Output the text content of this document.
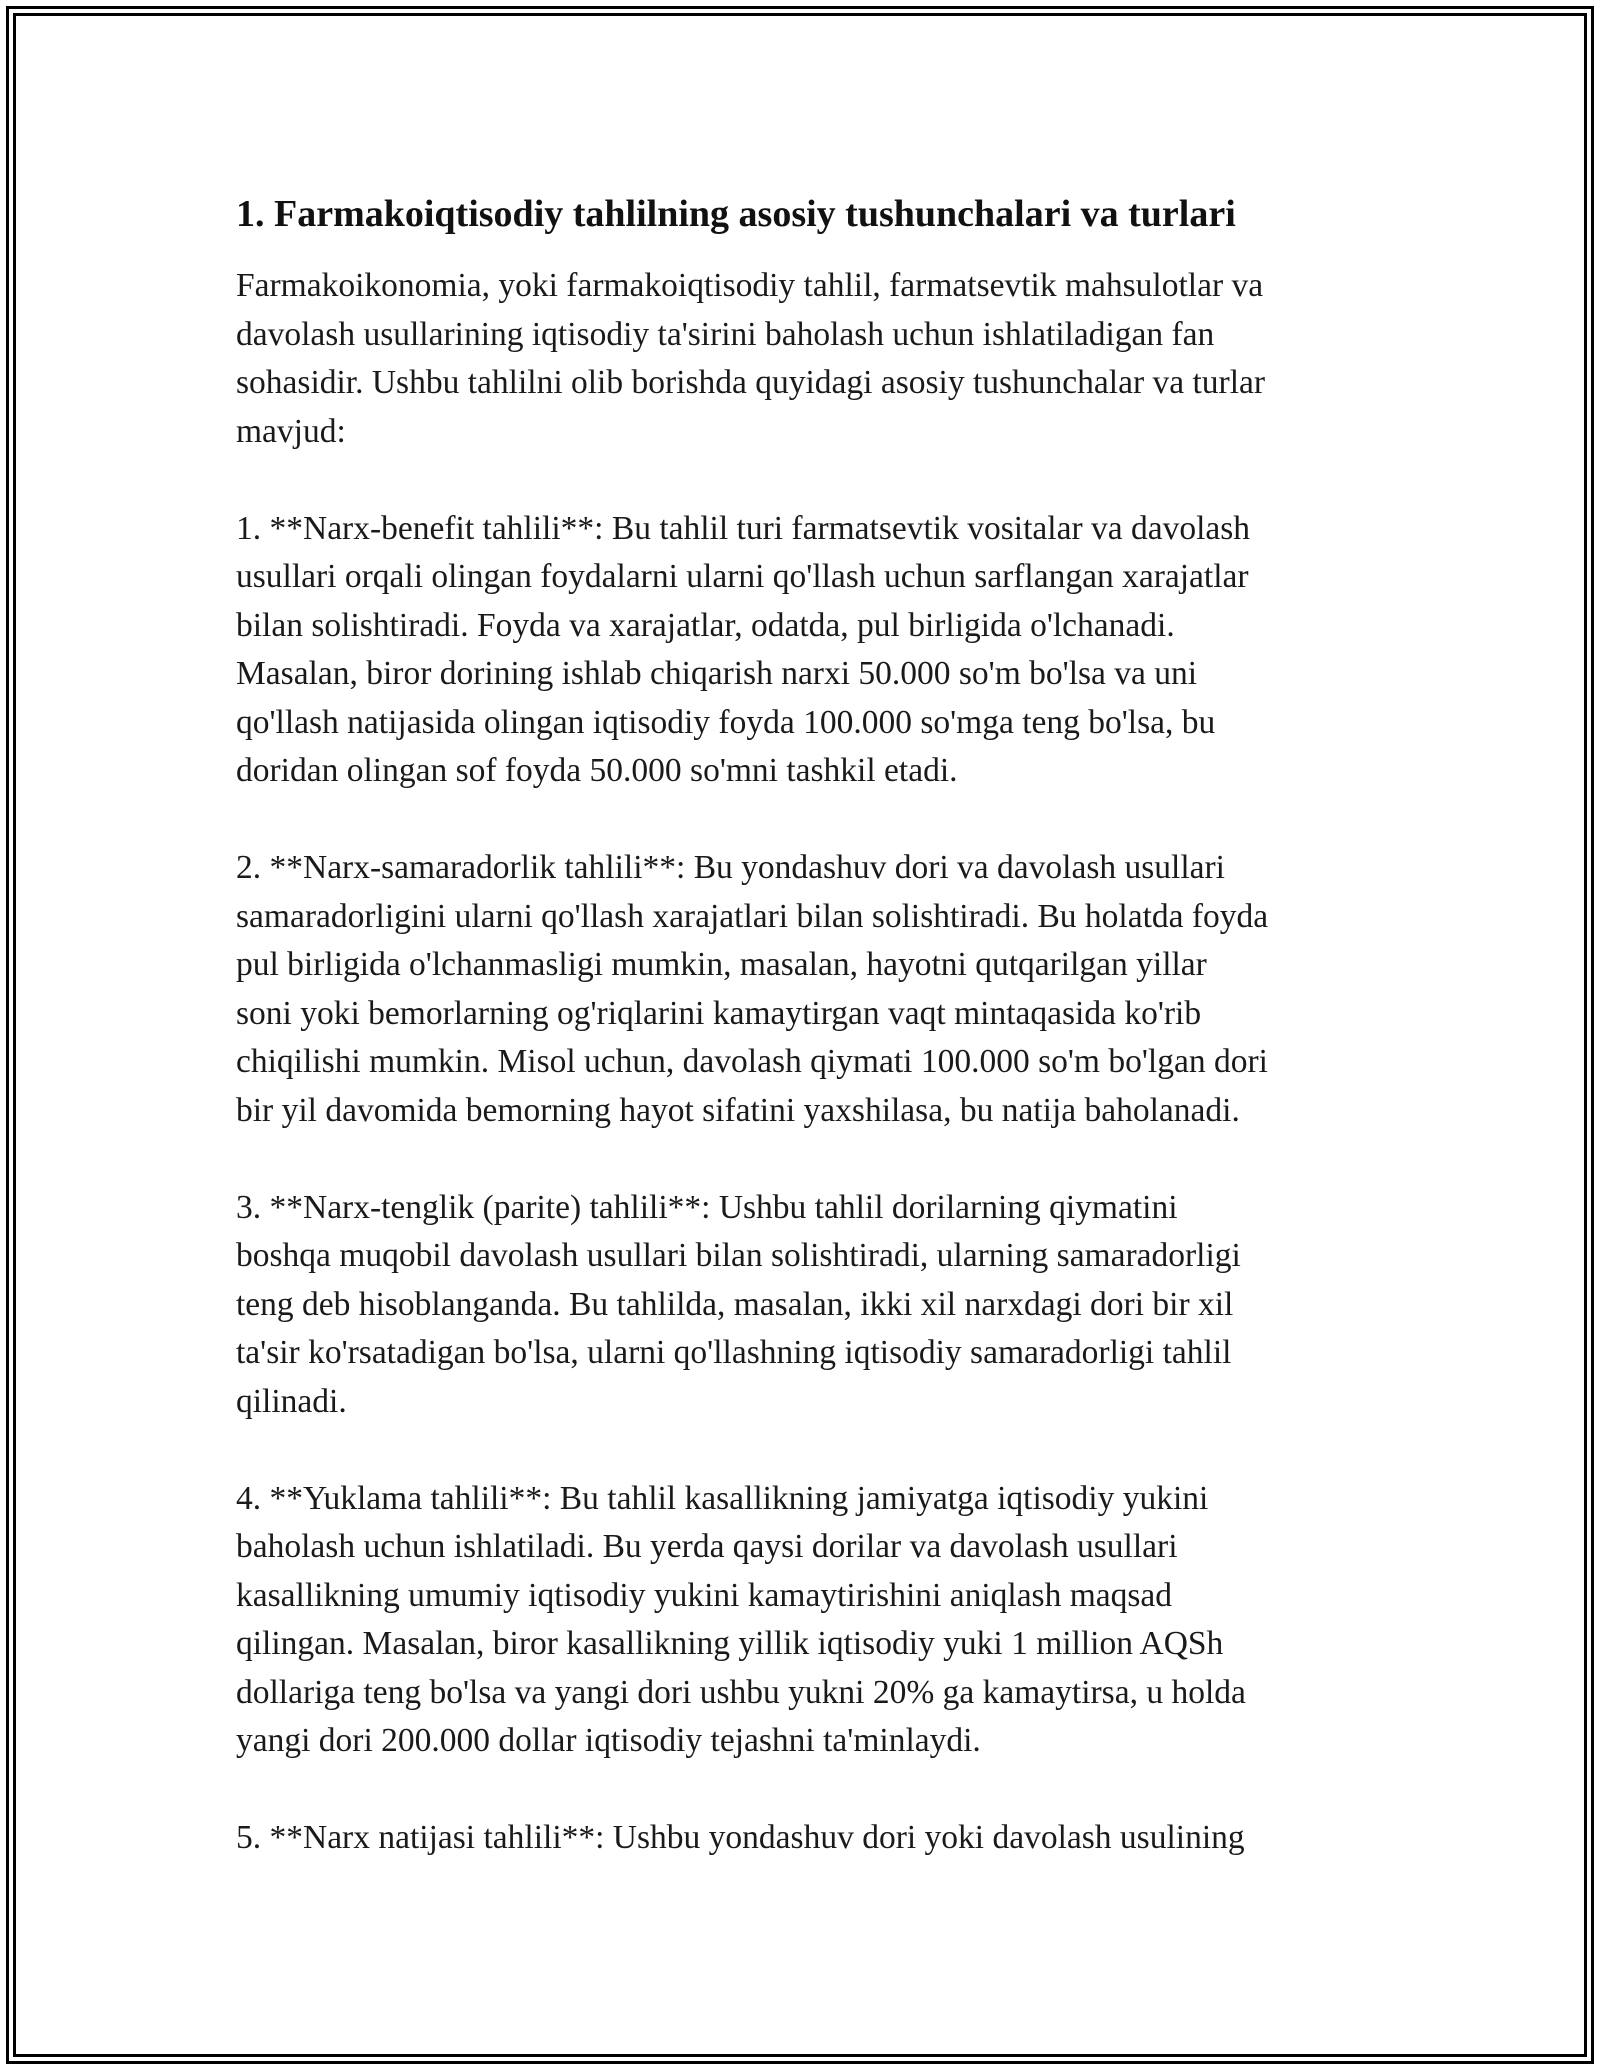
1. Farmakoiqtisodiy tahlilning asosiy tushunchalari va turlari
Farmakoikonomia, yoki farmakoiqtisodiy tahlil, farmatsevtik mahsulotlar va
davolash usullarining iqtisodiy ta'sirini baholash uchun ishlatiladigan fan
sohasidir. Ushbu tahlilni olib borishda quyidagi asosiy tushunchalar va turlar
mavjud:
1. **Narx-benefit tahlili**: Bu tahlil turi farmatsevtik vositalar va davolash
usullari orqali olingan foydalarni ularni qo'llash uchun sarflangan xarajatlar
bilan solishtiradi. Foyda va xarajatlar, odatda, pul birligida o'lchanadi.
Masalan, biror dorining ishlab chiqarish narxi 50.000 so'm bo'lsa va uni
qo'llash natijasida olingan iqtisodiy foyda 100.000 so'mga teng bo'lsa, bu
doridan olingan sof foyda 50.000 so'mni tashkil etadi.
2. **Narx-samaradorlik tahlili**: Bu yondashuv dori va davolash usullari
samaradorligini ularni qo'llash xarajatlari bilan solishtiradi. Bu holatda foyda
pul birligida o'lchanmasligi mumkin, masalan, hayotni qutqarilgan yillar
soni yoki bemorlarning og'riqlarini kamaytirgan vaqt mintaqasida ko'rib
chiqilishi mumkin. Misol uchun, davolash qiymati 100.000 so'm bo'lgan dori
bir yil davomida bemorning hayot sifatini yaxshilasa, bu natija baholanadi.
3. **Narx-tenglik (parite) tahlili**: Ushbu tahlil dorilarning qiymatini
boshqa muqobil davolash usullari bilan solishtiradi, ularning samaradorligi
teng deb hisoblanganda. Bu tahlilda, masalan, ikki xil narxdagi dori bir xil
ta'sir ko'rsatadigan bo'lsa, ularni qo'llashning iqtisodiy samaradorligi tahlil
qilinadi.
4. **Yuklama tahlili**: Bu tahlil kasallikning jamiyatga iqtisodiy yukini
baholash uchun ishlatiladi. Bu yerda qaysi dorilar va davolash usullari
kasallikning umumiy iqtisodiy yukini kamaytirishini aniqlash maqsad
qilingan. Masalan, biror kasallikning yillik iqtisodiy yuki 1 million AQSh
dollariga teng bo'lsa va yangi dori ushbu yukni 20% ga kamaytirsa, u holda
yangi dori 200.000 dollar iqtisodiy tejashni ta'minlaydi.
5. **Narx natijasi tahlili**: Ushbu yondashuv dori yoki davolash usulining
